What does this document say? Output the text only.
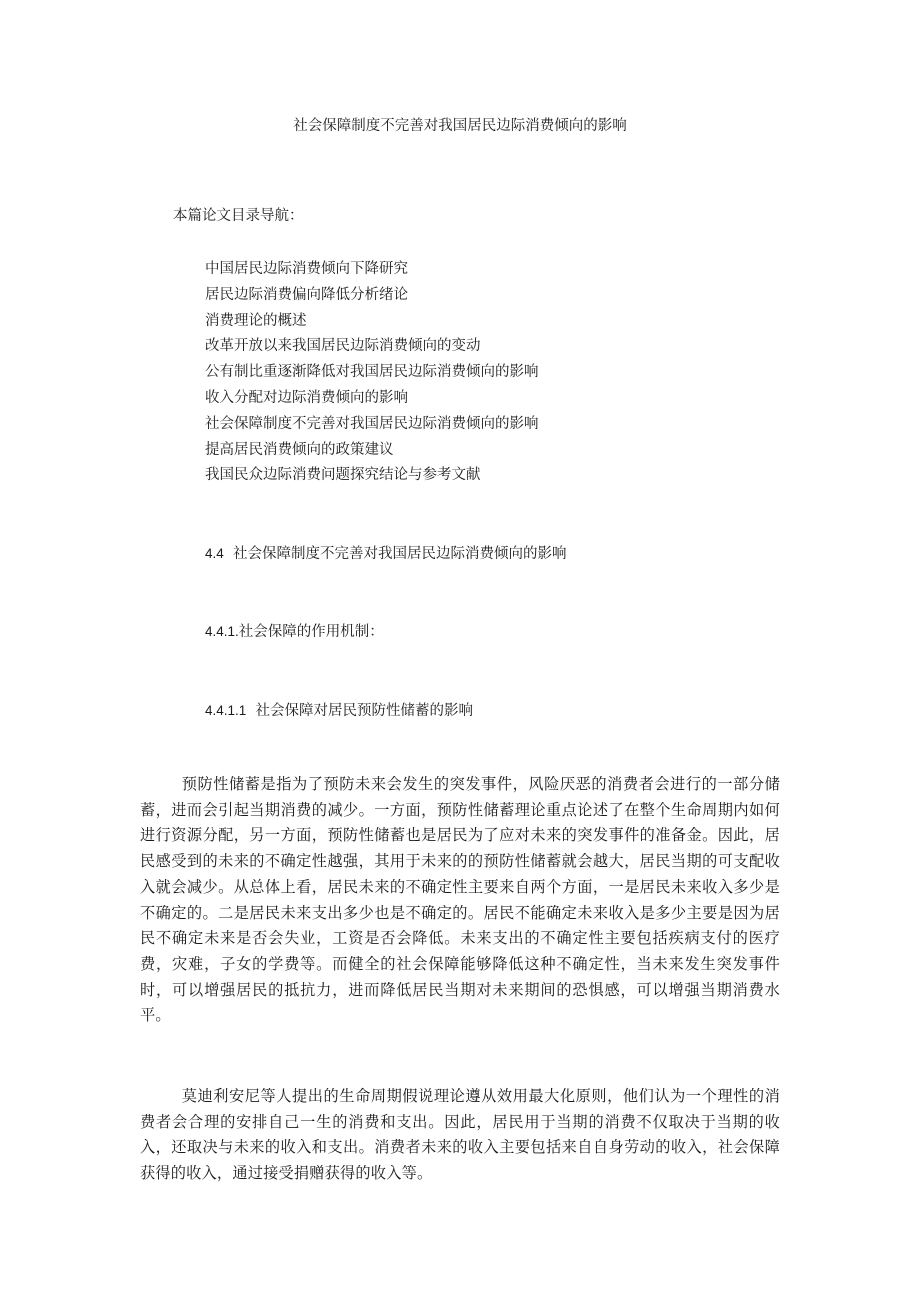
社会保障制度不完善对我国居民边际消费倾向的影响

本篇论文目录导航：

中国居民边际消费倾向下降研究
居民边际消费偏向降低分析绪论
消费理论的概述
改革开放以来我国居民边际消费倾向的变动
公有制比重逐渐降低对我国居民边际消费倾向的影响
收入分配对边际消费倾向的影响
社会保障制度不完善对我国居民边际消费倾向的影响
提高居民消费倾向的政策建议
我国民众边际消费问题探究结论与参考文献
4.4 社会保障制度不完善对我国居民边际消费倾向的影响
4.4.1.社会保障的作用机制：
4.4.1.1 社会保障对居民预防性储蓄的影响

预防性储蓄是指为了预防未来会发生的突发事件，风险厌恶的消费者会进行的一部分储蓄，进而会引起当期消费的减少。一方面，预防性储蓄理论重点论述了在整个生命周期内如何进行资源分配，另一方面，预防性储蓄也是居民为了应对未来的突发事件的准备金。因此，居民感受到的未来的不确定性越强，其用于未来的的预防性储蓄就会越大，居民当期的可支配收入就会减少。从总体上看，居民未来的不确定性主要来自两个方面，一是居民未来收入多少是不确定的。二是居民未来支出多少也是不确定的。居民不能确定未来收入是多少主要是因为居民不确定未来是否会失业，工资是否会降低。未来支出的不确定性主要包括疾病支付的医疗费，灾难，子女的学费等。而健全的社会保障能够降低这种不确定性，当未来发生突发事件时，可以增强居民的抵抗力，进而降低居民当期对未来期间的恐惧感，可以增强当期消费水平。

莫迪利安尼等人提出的生命周期假说理论遵从效用最大化原则，他们认为一个理性的消费者会合理的安排自己一生的消费和支出。因此，居民用于当期的消费不仅取决于当期的收入，还取决与未来的收入和支出。消费者未来的收入主要包括来自自身劳动的收入，社会保障获得的收入，通过接受捐赠获得的收入等。
